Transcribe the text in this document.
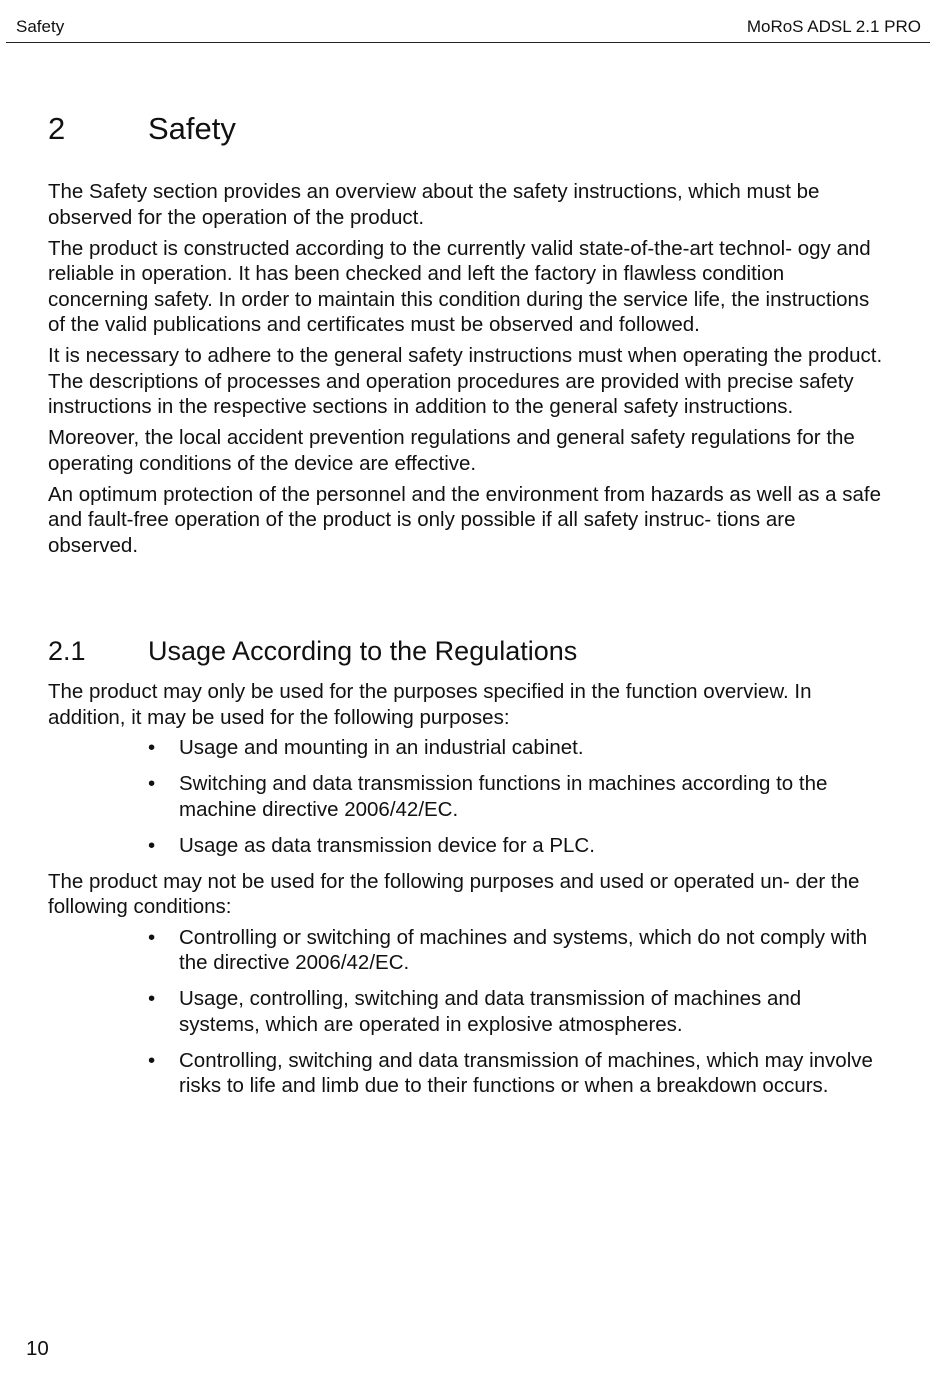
Safety	MoRoS ADSL 2.1 PRO
2	Safety

The Safety section provides an overview about the safety instructions, which must be observed for the operation of the product.

The product is constructed according to the currently valid state-of-the-art technol- ogy and reliable in operation. It has been checked and left the factory in flawless condition concerning safety. In order to maintain this condition during the service life, the instructions of the valid publications and certificates must be observed and followed.

It is necessary to adhere to the general safety instructions must when operating the product. The descriptions of processes and operation procedures are provided with precise safety instructions in the respective sections in addition to the general safety instructions.

Moreover, the local accident prevention regulations and general safety regulations for the operating conditions of the device are effective.

An optimum protection of the personnel and the environment from hazards as well as a safe and fault-free operation of the product is only possible if all safety instruc- tions are observed.

2.1 Usage According to the Regulations

The product may only be used for the purposes specified in the function overview. In addition, it may be used for the following purposes:

• Usage and mounting in an industrial cabinet.
• Switching and data transmission functions in machines according to the machine directive 2006/42/EC.
• Usage as data transmission device for a PLC.

The product may not be used for the following purposes and used or operated un- der the following conditions:

• Controlling or switching of machines and systems, which do not comply with the directive 2006/42/EC.
• Usage, controlling, switching and data transmission of machines and systems, which are operated in explosive atmospheres.
• Controlling, switching and data transmission of machines, which may involve risks to life and limb due to their functions or when a breakdown occurs.
10
